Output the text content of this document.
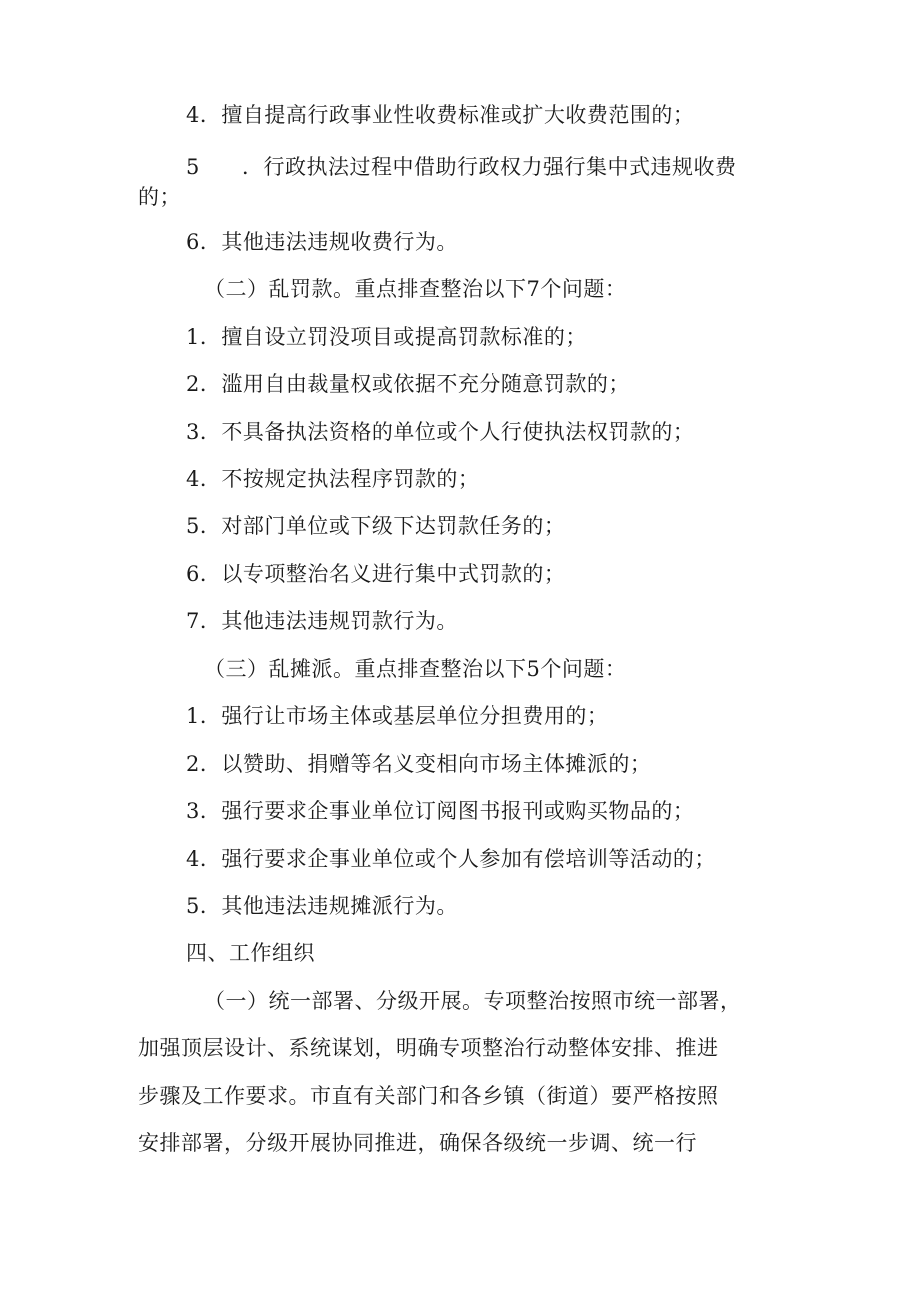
4．擅自提高行政事业性收费标准或扩大收费范围的；
5 ．行政执法过程中借助行政权力强行集中式违规收费
的；
6．其他违法违规收费行为。
（二）乱罚款。重点排查整治以下7个问题：
1．擅自设立罚没项目或提高罚款标准的；
2．滥用自由裁量权或依据不充分随意罚款的；
3．不具备执法资格的单位或个人行使执法权罚款的；
4．不按规定执法程序罚款的；
5．对部门单位或下级下达罚款任务的；
6．以专项整治名义进行集中式罚款的；
7．其他违法违规罚款行为。
（三）乱摊派。重点排查整治以下5个问题：
1．强行让市场主体或基层单位分担费用的；
2．以赞助、捐赠等名义变相向市场主体摊派的；
3．强行要求企事业单位订阅图书报刊或购买物品的；
4．强行要求企事业单位或个人参加有偿培训等活动的；
5．其他违法违规摊派行为。
四、工作组织
（一）统一部署、分级开展。专项整治按照市统一部署，
加强顶层设计、系统谋划，明确专项整治行动整体安排、推进
步骤及工作要求。市直有关部门和各乡镇（街道）要严格按照
安排部署，分级开展协同推进，确保各级统一步调、统一行
